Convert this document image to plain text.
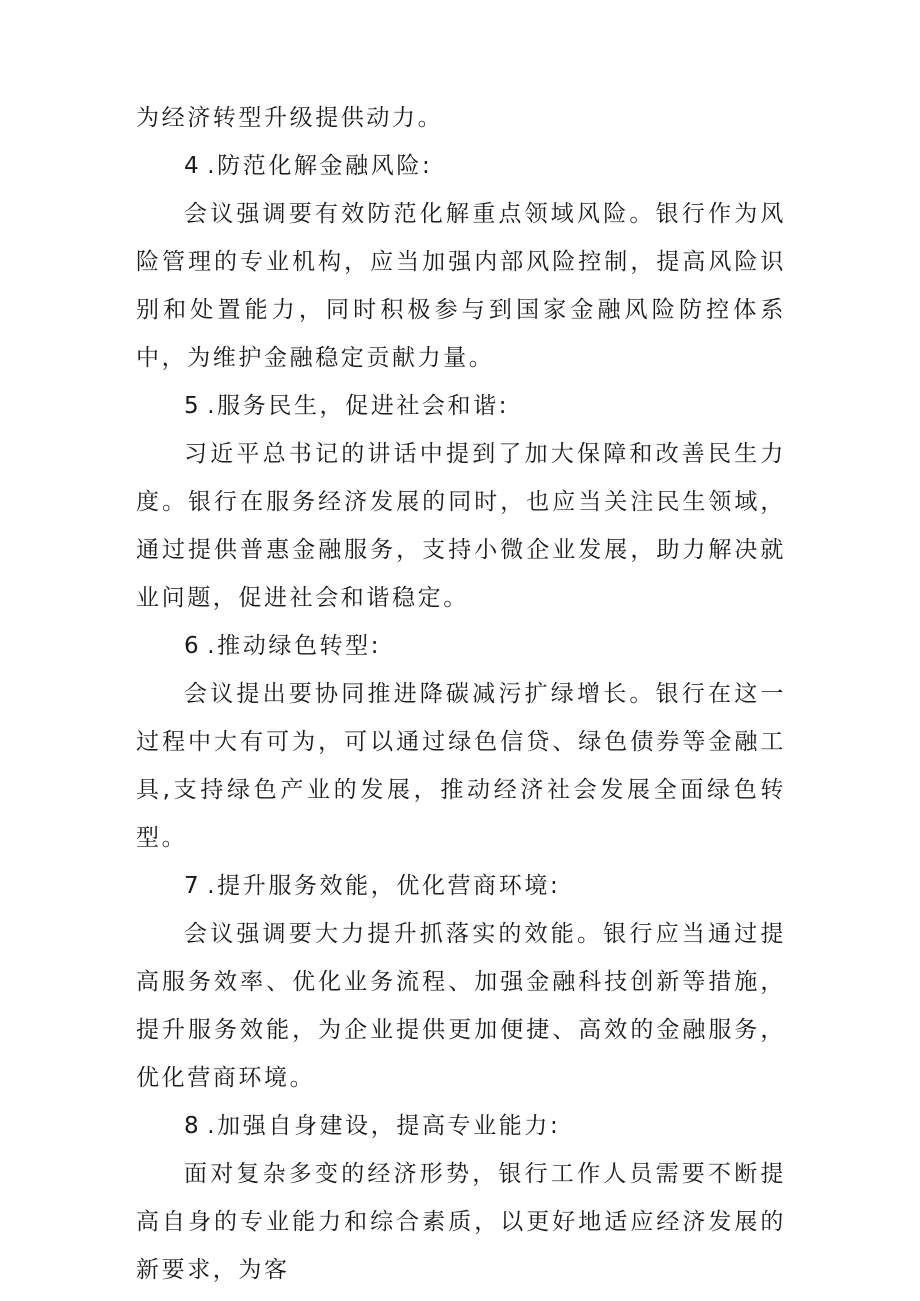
为经济转型升级提供动力。

4 .防范化解金融风险:

会议强调要有效防范化解重点领域风险。银行作为风险管理的专业机构，应当加强内部风险控制，提高风险识别和处置能力，同时积极参与到国家金融风险防控体系中，为维护金融稳定贡献力量。

5 .服务民生，促进社会和谐:

习近平总书记的讲话中提到了加大保障和改善民生力度。银行在服务经济发展的同时，也应当关注民生领域，通过提供普惠金融服务，支持小微企业发展，助力解决就业问题，促进社会和谐稳定。

6 .推动绿色转型:

会议提出要协同推进降碳减污扩绿增长。银行在这一过程中大有可为，可以通过绿色信贷、绿色债券等金融工具,支持绿色产业的发展，推动经济社会发展全面绿色转型。

7 .提升服务效能，优化营商环境:

会议强调要大力提升抓落实的效能。银行应当通过提高服务效率、优化业务流程、加强金融科技创新等措施，提升服务效能，为企业提供更加便捷、高效的金融服务，优化营商环境。

8 .加强自身建设，提高专业能力:

面对复杂多变的经济形势，银行工作人员需要不断提高自身的专业能力和综合素质，以更好地适应经济发展的新要求，为客
